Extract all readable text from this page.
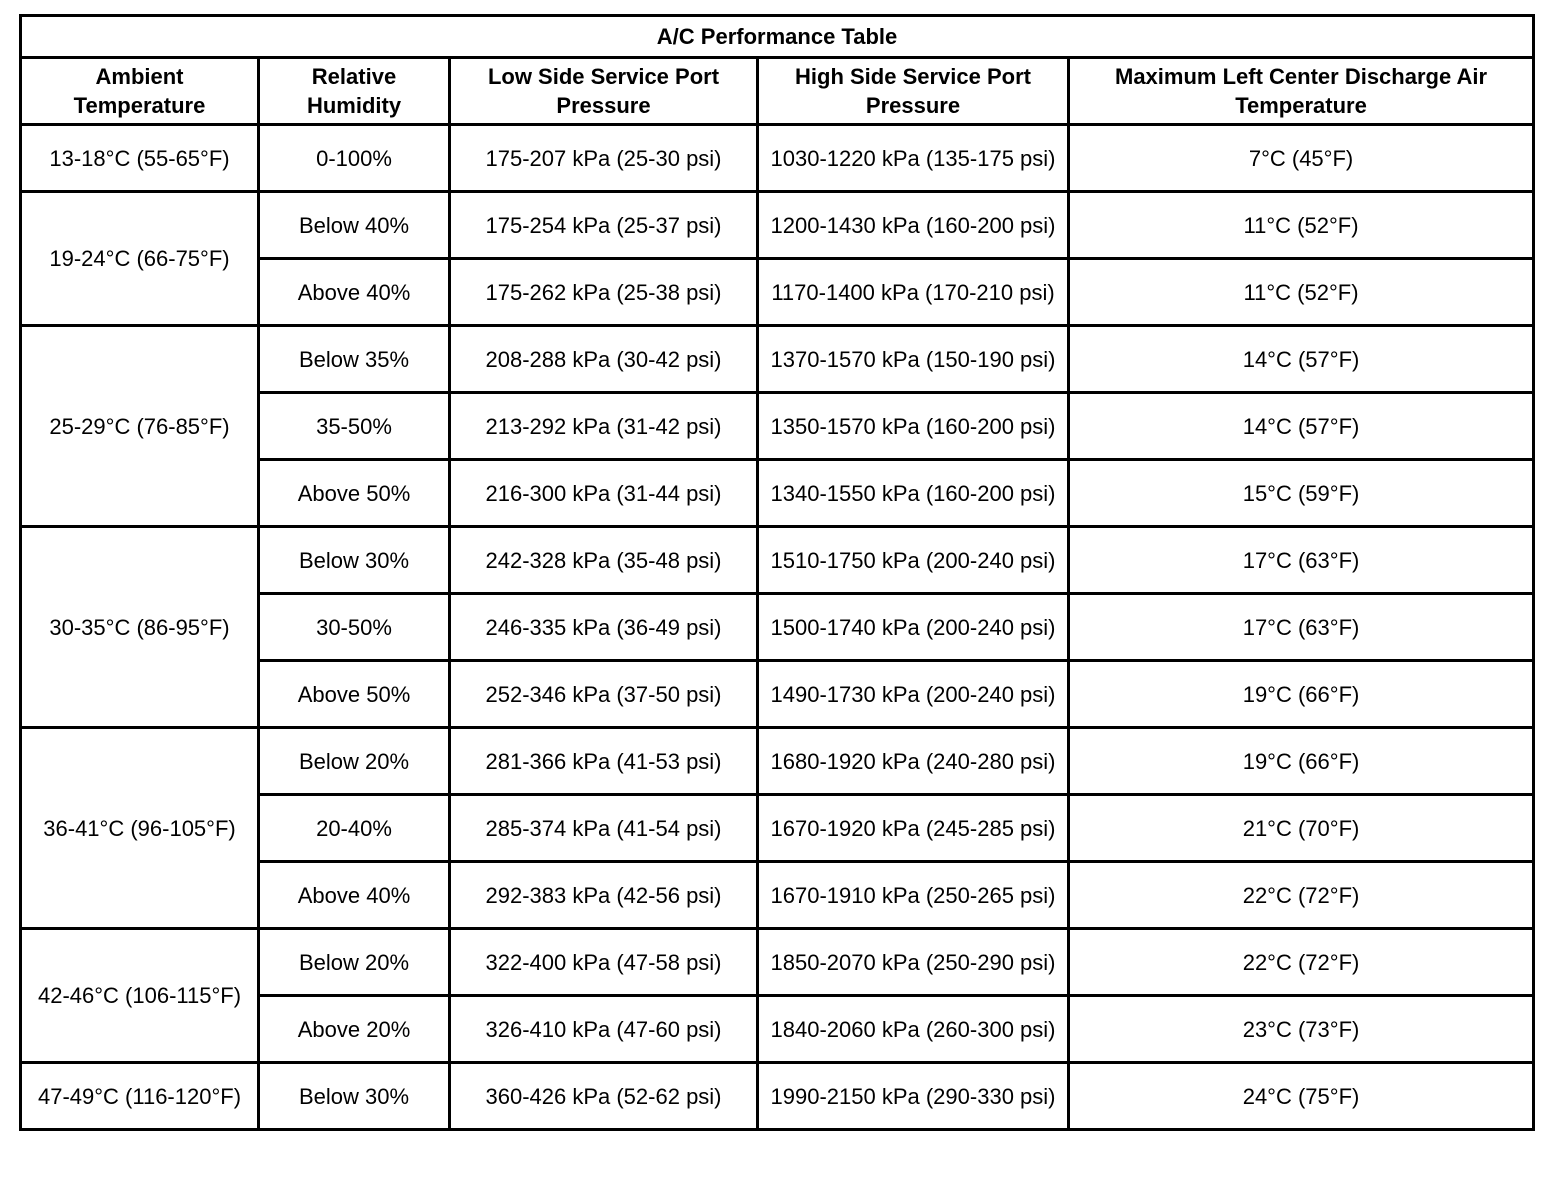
A/C Performance Table				
Ambient Temperature	Relative Humidity	Low Side Service Port Pressure	High Side Service Port Pressure	Maximum Left Center Discharge Air Temperature
13-18°C (55-65°F)	0-100%	175-207 kPa (25-30 psi)	1030-1220 kPa (135-175 psi)	7°C (45°F)
19-24°C (66-75°F)	Below 40%	175-254 kPa (25-37 psi)	1200-1430 kPa (160-200 psi)	11°C (52°F)
	Above 40%	175-262 kPa (25-38 psi)	1170-1400 kPa (170-210 psi)	11°C (52°F)
25-29°C (76-85°F)	Below 35%	208-288 kPa (30-42 psi)	1370-1570 kPa (150-190 psi)	14°C (57°F)
	35-50%	213-292 kPa (31-42 psi)	1350-1570 kPa (160-200 psi)	14°C (57°F)
	Above 50%	216-300 kPa (31-44 psi)	1340-1550 kPa (160-200 psi)	15°C (59°F)
30-35°C (86-95°F)	Below 30%	242-328 kPa (35-48 psi)	1510-1750 kPa (200-240 psi)	17°C (63°F)
	30-50%	246-335 kPa (36-49 psi)	1500-1740 kPa (200-240 psi)	17°C (63°F)
	Above 50%	252-346 kPa (37-50 psi)	1490-1730 kPa (200-240 psi)	19°C (66°F)
36-41°C (96-105°F)	Below 20%	281-366 kPa (41-53 psi)	1680-1920 kPa (240-280 psi)	19°C (66°F)
	20-40%	285-374 kPa (41-54 psi)	1670-1920 kPa (245-285 psi)	21°C (70°F)
	Above 40%	292-383 kPa (42-56 psi)	1670-1910 kPa (250-265 psi)	22°C (72°F)
42-46°C (106-115°F)	Below 20%	322-400 kPa (47-58 psi)	1850-2070 kPa (250-290 psi)	22°C (72°F)
	Above 20%	326-410 kPa (47-60 psi)	1840-2060 kPa (260-300 psi)	23°C (73°F)
47-49°C (116-120°F)	Below 30%	360-426 kPa (52-62 psi)	1990-2150 kPa (290-330 psi)	24°C (75°F)
